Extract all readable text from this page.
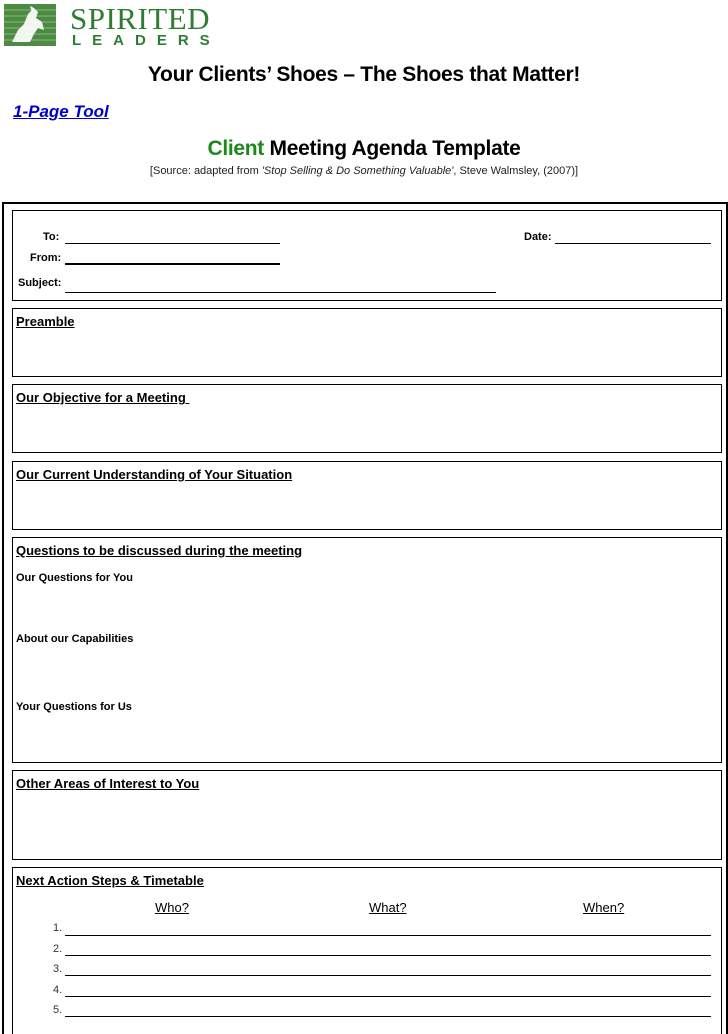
SPIRITED
LEADERS
Your Clients’ Shoes – The Shoes that Matter!
1-Page Tool
Client Meeting Agenda Template
[Source: adapted from 'Stop Selling & Do Something Valuable', Steve Walmsley, (2007)]
To:
From:
Subject:
Date:
Preamble
Our Objective for a Meeting
Our Current Understanding of Your Situation
Questions to be discussed during the meeting
Our Questions for You
About our Capabilities
Your Questions for Us
Other Areas of Interest to You
Next Action Steps & Timetable
Who?	What?	When?
1.
2.
3.
4.
5.
